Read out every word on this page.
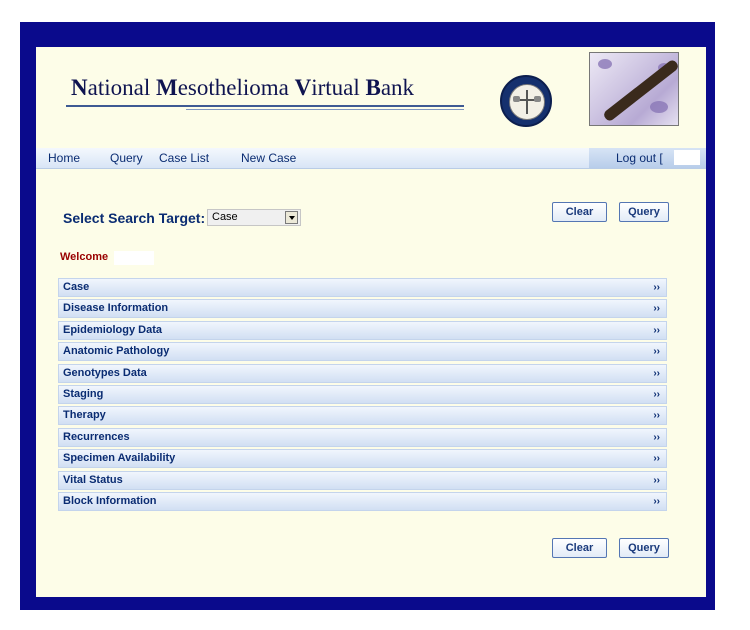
National Mesothelioma Virtual Bank
Home Query Case List	New Case	Log out [
Select Search Target: Case	Clear	Query
Welcome
Case	››
Disease Information	››
Epidemiology Data	››
Anatomic Pathology	››
Genotypes Data	››
Staging	››
Therapy	››
Recurrences	››
Specimen Availability	››
Vital Status	››
Block Information	››
Clear	Query
